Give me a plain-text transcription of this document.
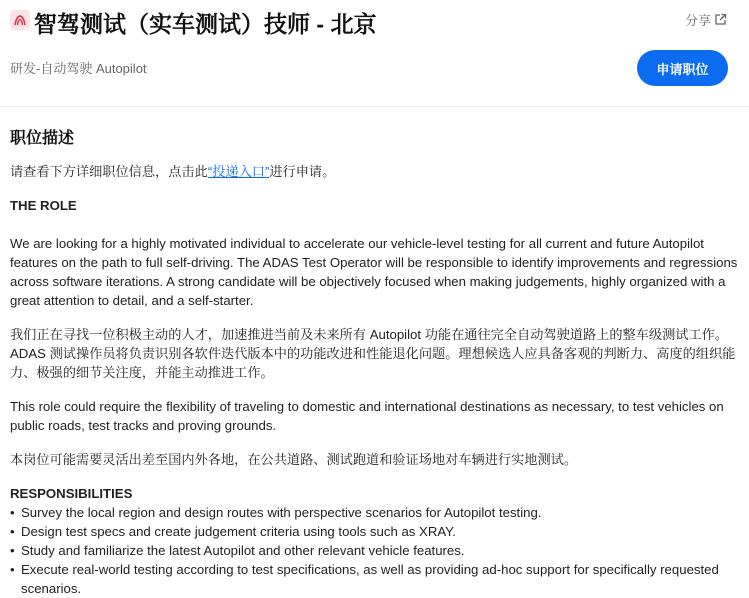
智驾测试（实车测试）技师 - 北京	分享
研发-自动驾驶 Autopilot	申请职位
职位描述

请查看下方详细职位信息，点击此“投递入口”进行申请。

THE ROLE

We are looking for a highly motivated individual to accelerate our vehicle-level testing for all current and future Autopilot features on the path to full self-driving. The ADAS Test Operator will be responsible to identify improvements and regressions across software iterations. A strong candidate will be objectively focused when making judgements, highly organized with a great attention to detail, and a self-starter.

我们正在寻找一位积极主动的人才，加速推进当前及未来所有 Autopilot 功能在通往完全自动驾驶道路上的整车级测试工作。ADAS 测试操作员将负责识别各软件迭代版本中的功能改进和性能退化问题。理想候选人应具备客观的判断力、高度的组织能力、极强的细节关注度，并能主动推进工作。

This role could require the flexibility of traveling to domestic and international destinations as necessary, to test vehicles on public roads, test tracks and proving grounds.

本岗位可能需要灵活出差至国内外各地，在公共道路、测试跑道和验证场地对车辆进行实地测试。

RESPONSIBILITIES

• Survey the local region and design routes with perspective scenarios for Autopilot testing.
• Design test specs and create judgement criteria using tools such as XRAY.
• Study and familiarize the latest Autopilot and other relevant vehicle features.
• Execute real-world testing according to test specifications, as well as providing ad-hoc support for specifically requested scenarios.
